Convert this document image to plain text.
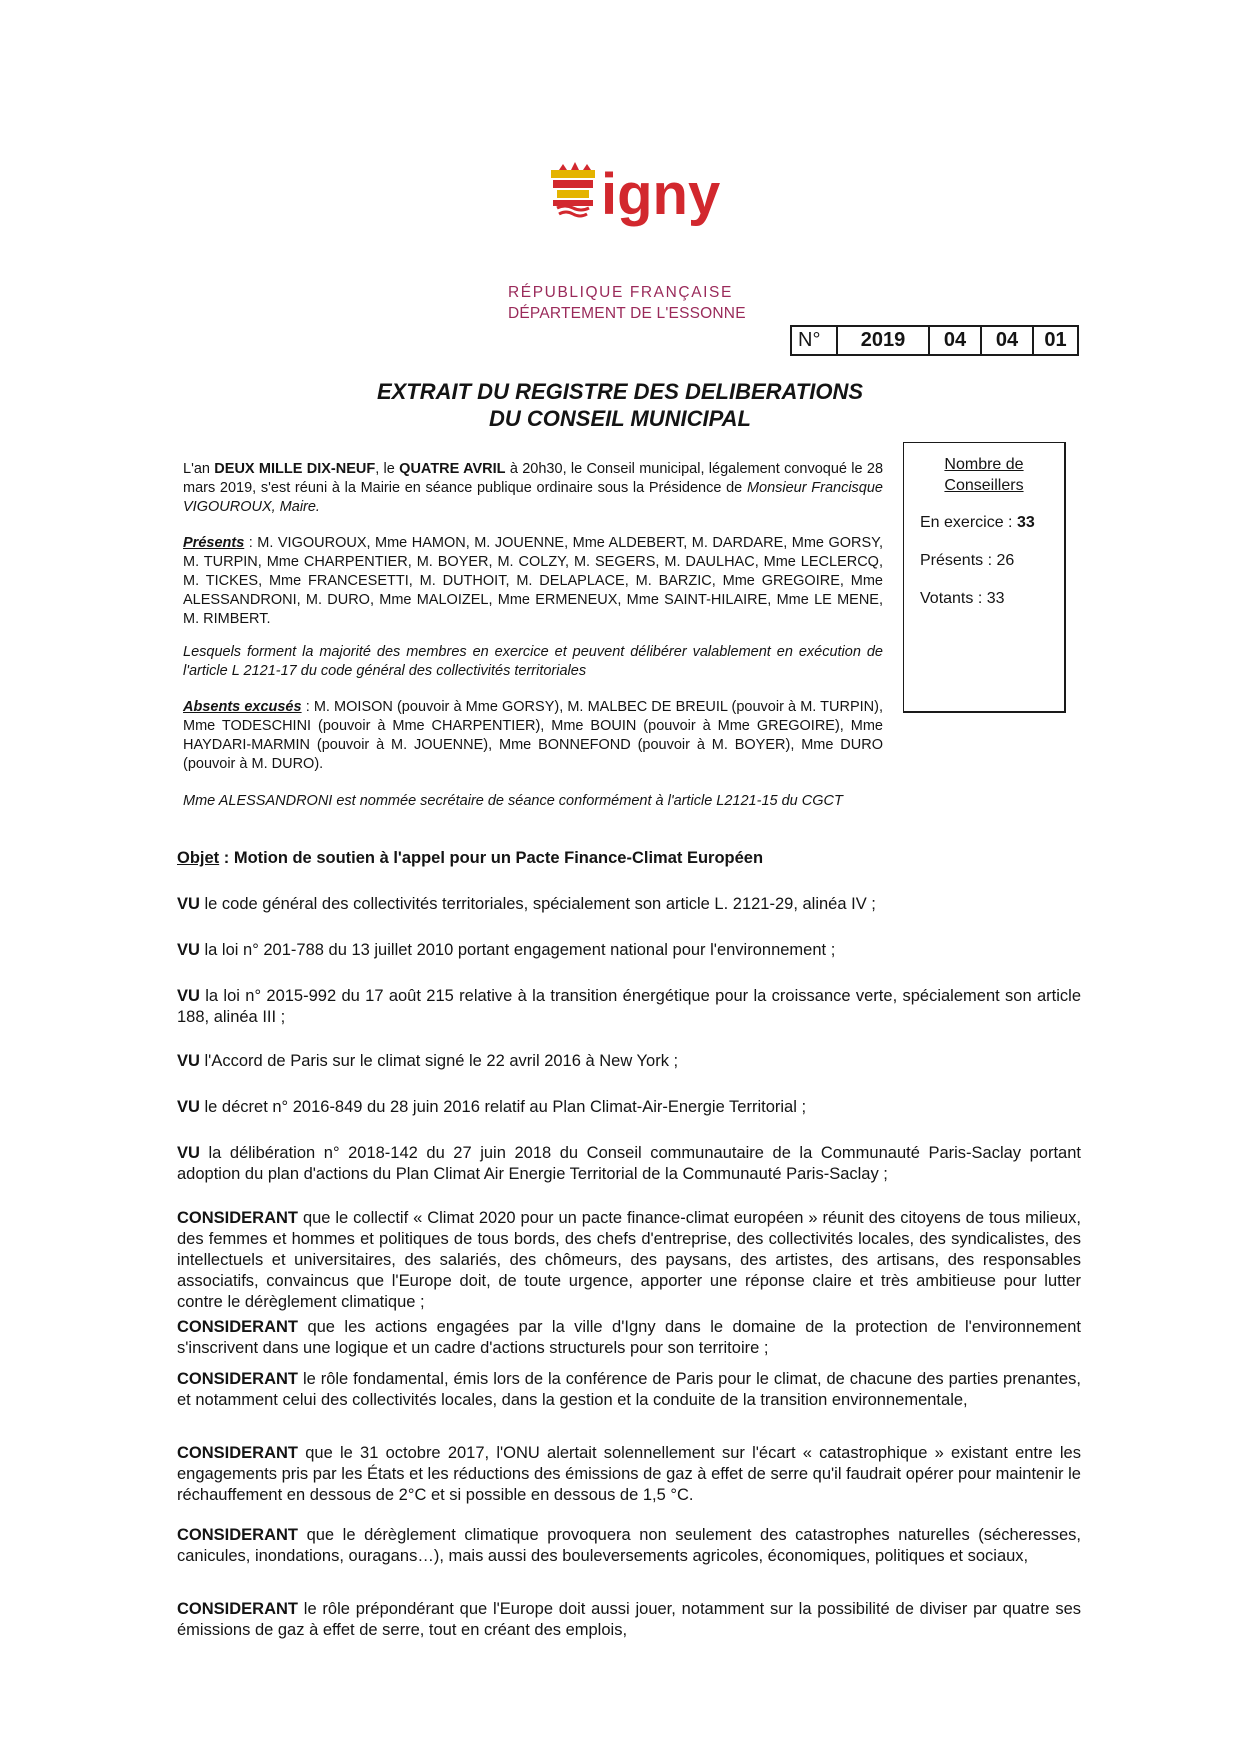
igny
RÉPUBLIQUE FRANÇAISE
DÉPARTEMENT DE L'ESSONNE
N°	2019	04	04	01
EXTRAIT DU REGISTRE DES DELIBERATIONS
DU CONSEIL MUNICIPAL
Nombre de Conseillers
En exercice : 33
Présents : 26
Votants : 33

L'an DEUX MILLE DIX-NEUF, le QUATRE AVRIL à 20h30, le Conseil municipal, légalement convoqué le 28 mars 2019, s'est réuni à la Mairie en séance publique ordinaire sous la Présidence de Monsieur Francisque VIGOUROUX, Maire.

Présents : M. VIGOUROUX, Mme HAMON, M. JOUENNE, Mme ALDEBERT, M. DARDARE, Mme GORSY, M. TURPIN, Mme CHARPENTIER, M. BOYER, M. COLZY, M. SEGERS, M. DAULHAC, Mme LECLERCQ, M. TICKES, Mme FRANCESETTI, M. DUTHOIT, M. DELAPLACE, M. BARZIC, Mme GREGOIRE, Mme ALESSANDRONI, M. DURO, Mme MALOIZEL, Mme ERMENEUX, Mme SAINT-HILAIRE, Mme LE MENE, M. RIMBERT.

Lesquels forment la majorité des membres en exercice et peuvent délibérer valablement en exécution de l'article L 2121-17 du code général des collectivités territoriales

Absents excusés : M. MOISON (pouvoir à Mme GORSY), M. MALBEC DE BREUIL (pouvoir à M. TURPIN), Mme TODESCHINI (pouvoir à Mme CHARPENTIER), Mme BOUIN (pouvoir à Mme GREGOIRE), Mme HAYDARI-MARMIN (pouvoir à M. JOUENNE), Mme BONNEFOND (pouvoir à M. BOYER), Mme DURO (pouvoir à M. DURO).

Mme ALESSANDRONI est nommée secrétaire de séance conformément à l'article L2121-15 du CGCT

Objet : Motion de soutien à l'appel pour un Pacte Finance-Climat Européen

VU le code général des collectivités territoriales, spécialement son article L. 2121-29, alinéa IV ;

VU la loi n° 201-788 du 13 juillet 2010 portant engagement national pour l'environnement ;

VU la loi n° 2015-992 du 17 août 215 relative à la transition énergétique pour la croissance verte, spécialement son article 188, alinéa III ;

VU l'Accord de Paris sur le climat signé le 22 avril 2016 à New York ;

VU le décret n° 2016-849 du 28 juin 2016 relatif au Plan Climat-Air-Energie Territorial ;

VU la délibération n° 2018-142 du 27 juin 2018 du Conseil communautaire de la Communauté Paris-Saclay portant adoption du plan d'actions du Plan Climat Air Energie Territorial de la Communauté Paris-Saclay ;

CONSIDERANT que le collectif « Climat 2020 pour un pacte finance-climat européen » réunit des citoyens de tous milieux, des femmes et hommes et politiques de tous bords, des chefs d'entreprise, des collectivités locales, des syndicalistes, des intellectuels et universitaires, des salariés, des chômeurs, des paysans, des artistes, des artisans, des responsables associatifs, convaincus que l'Europe doit, de toute urgence, apporter une réponse claire et très ambitieuse pour lutter contre le dérèglement climatique ;

CONSIDERANT que les actions engagées par la ville d'Igny dans le domaine de la protection de l'environnement s'inscrivent dans une logique et un cadre d'actions structurels pour son territoire ;

CONSIDERANT le rôle fondamental, émis lors de la conférence de Paris pour le climat, de chacune des parties prenantes, et notamment celui des collectivités locales, dans la gestion et la conduite de la transition environnementale,

CONSIDERANT que le 31 octobre 2017, l'ONU alertait solennellement sur l'écart « catastrophique » existant entre les engagements pris par les États et les réductions des émissions de gaz à effet de serre qu'il faudrait opérer pour maintenir le réchauffement en dessous de 2°C et si possible en dessous de 1,5 °C.

CONSIDERANT que le dérèglement climatique provoquera non seulement des catastrophes naturelles (sécheresses, canicules, inondations, ouragans…), mais aussi des bouleversements agricoles, économiques, politiques et sociaux,

CONSIDERANT le rôle prépondérant que l'Europe doit aussi jouer, notamment sur la possibilité de diviser par quatre ses émissions de gaz à effet de serre, tout en créant des emplois,
